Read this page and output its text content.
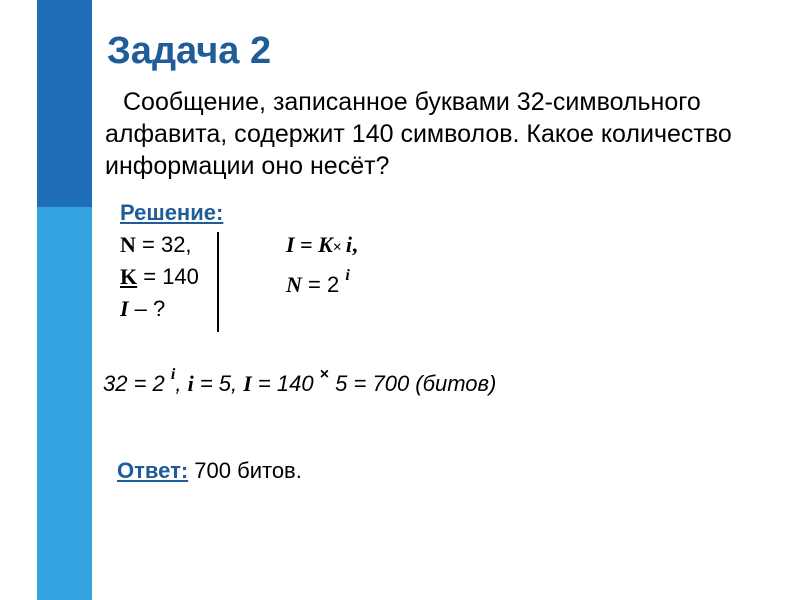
Задача 2

Сообщение, записанное буквами 32-символьного алфавита, содержит 140 символов. Какое количество информации оно несёт?

Решение:
N = 32,
K = 140
I – ?
I = K× i,
N = 2 $^i$
32 = 2 $^i$, i = 5, I = 140 × 5 = 700 (битов)
Ответ: 700 битов.
